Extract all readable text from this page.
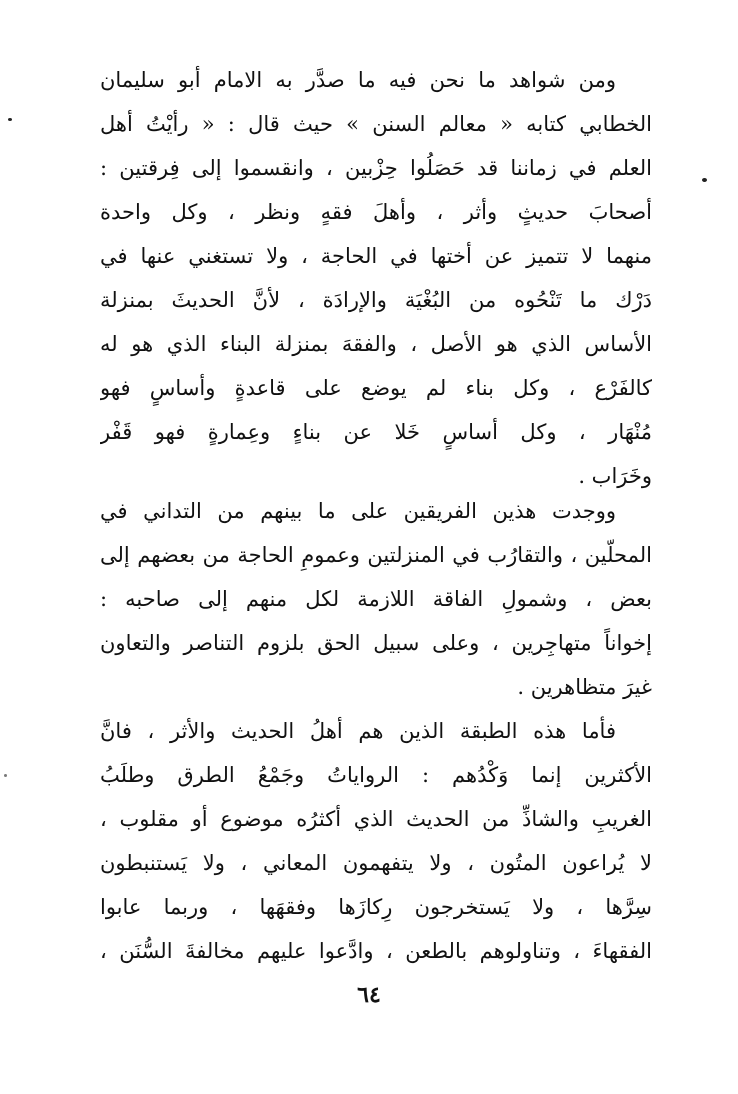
ومن شواهد ما نحن فيه ما صدَّر به الامام أبو سليمان
الخطابي كتابه « معالم السنن » حيث قال : « رأيْتُ أهل
العلم في زماننا قد حَصَلُوا حِزْبين ، وانقسموا إلى فِرقتين :
أصحابَ حديثٍ وأثر ، وأهلَ فقهٍ ونظر ، وكل واحدة
منهما لا تتميز عن أختها في الحاجة ، ولا تستغني عنها في
دَرْك ما تَنْحُوه من البُغْيَة والإرادَة ، لأنَّ الحديثَ بمنزلة
الأساس الذي هو الأصل ، والفقهَ بمنزلة البناء الذي هو له
كالفَرْع ، وكل بناء لم يوضع على قاعدةٍ وأساسٍ فهو
مُنْهَار ، وكل أساسٍ خَلا عن بناءٍ وعِمارةٍ فهو قَفْر
وخَرَاب .
ووجدت هذين الفريقين على ما بينهم من التداني في
المحلّين ، والتقارُب في المنزلتين وعمومِ الحاجة من بعضهم إلى
بعض ، وشمولِ الفاقة اللازمة لكل منهم إلى صاحبه :
إخواناً متهاجِرين ، وعلى سبيل الحق بلزوم التناصر والتعاون
غيرَ متظاهرين .
فأما هذه الطبقة الذين هم أهلُ الحديث والأثر ، فانَّ
الأكثرين إنما وَكْدُهم : الرواياتُ وجَمْعُ الطرق وطلَبُ
الغريبِ والشاذِّ من الحديث الذي أكثرُه موضوع أو مقلوب ،
لا يُراعون المتُون ، ولا يتفهمون المعاني ، ولا يَستنبطون
سِرَّها ، ولا يَستخرجون رِكازَها وفقهَها ، وربما عابوا
الفقهاءَ ، وتناولوهم بالطعن ، وادَّعوا عليهم مخالفةَ السُّنَن ،
٦٤
